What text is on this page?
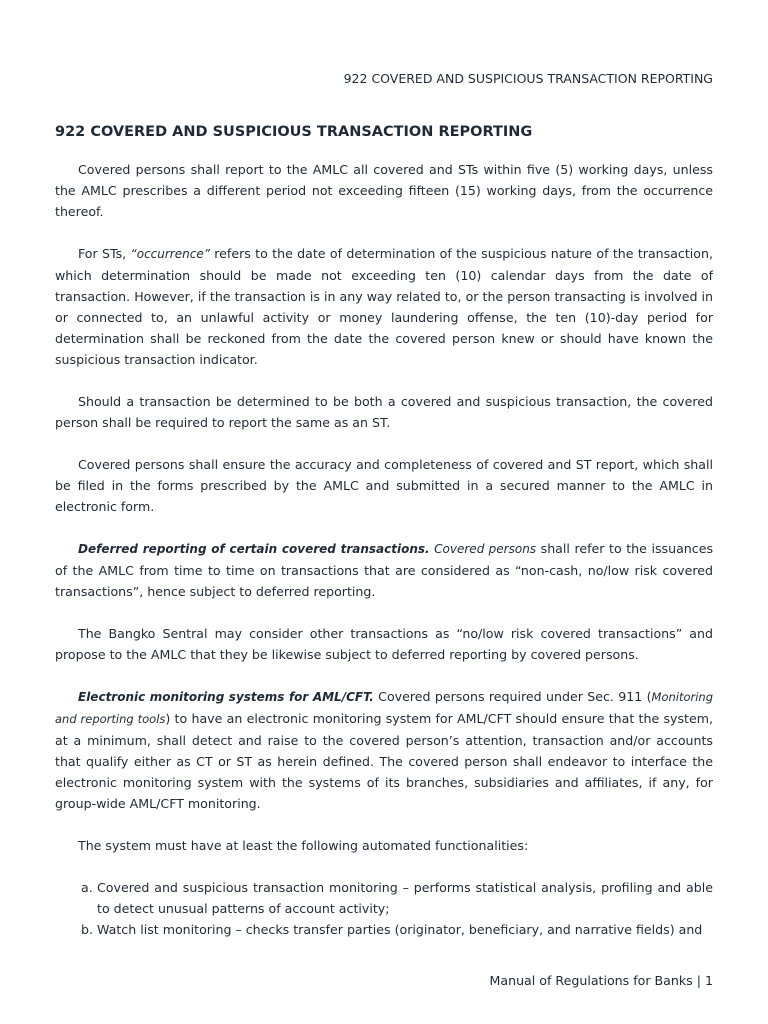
922 COVERED AND SUSPICIOUS TRANSACTION REPORTING
922 COVERED AND SUSPICIOUS TRANSACTION REPORTING

Covered persons shall report to the AMLC all covered and STs within five (5) working days, unless the AMLC prescribes a different period not exceeding fifteen (15) working days, from the occurrence thereof.

For STs, “occurrence” refers to the date of determination of the suspicious nature of the transaction, which determination should be made not exceeding ten (10) calendar days from the date of transaction. However, if the transaction is in any way related to, or the person transacting is involved in or connected to, an unlawful activity or money laundering offense, the ten (10)-day period for determination shall be reckoned from the date the covered person knew or should have known the suspicious transaction indicator.

Should a transaction be determined to be both a covered and suspicious transaction, the covered person shall be required to report the same as an ST.

Covered persons shall ensure the accuracy and completeness of covered and ST report, which shall be filed in the forms prescribed by the AMLC and submitted in a secured manner to the AMLC in electronic form.

Deferred reporting of certain covered transactions. Covered persons shall refer to the issuances of the AMLC from time to time on transactions that are considered as “non-cash, no/low risk covered transactions”, hence subject to deferred reporting.

The Bangko Sentral may consider other transactions as “no/low risk covered transactions” and propose to the AMLC that they be likewise subject to deferred reporting by covered persons.

Electronic monitoring systems for AML/CFT. Covered persons required under Sec. 911 (Monitoring and reporting tools) to have an electronic monitoring system for AML/CFT should ensure that the system, at a minimum, shall detect and raise to the covered person’s attention, transaction and/or accounts that qualify either as CT or ST as herein defined. The covered person shall endeavor to interface the electronic monitoring system with the systems of its branches, subsidiaries and affiliates, if any, for group-wide AML/CFT monitoring.

The system must have at least the following automated functionalities:

a. Covered and suspicious transaction monitoring – performs statistical analysis, profiling and able to detect unusual patterns of account activity;
b. Watch list monitoring – checks transfer parties (originator, beneficiary, and narrative fields) and
Manual of Regulations for Banks | 1
